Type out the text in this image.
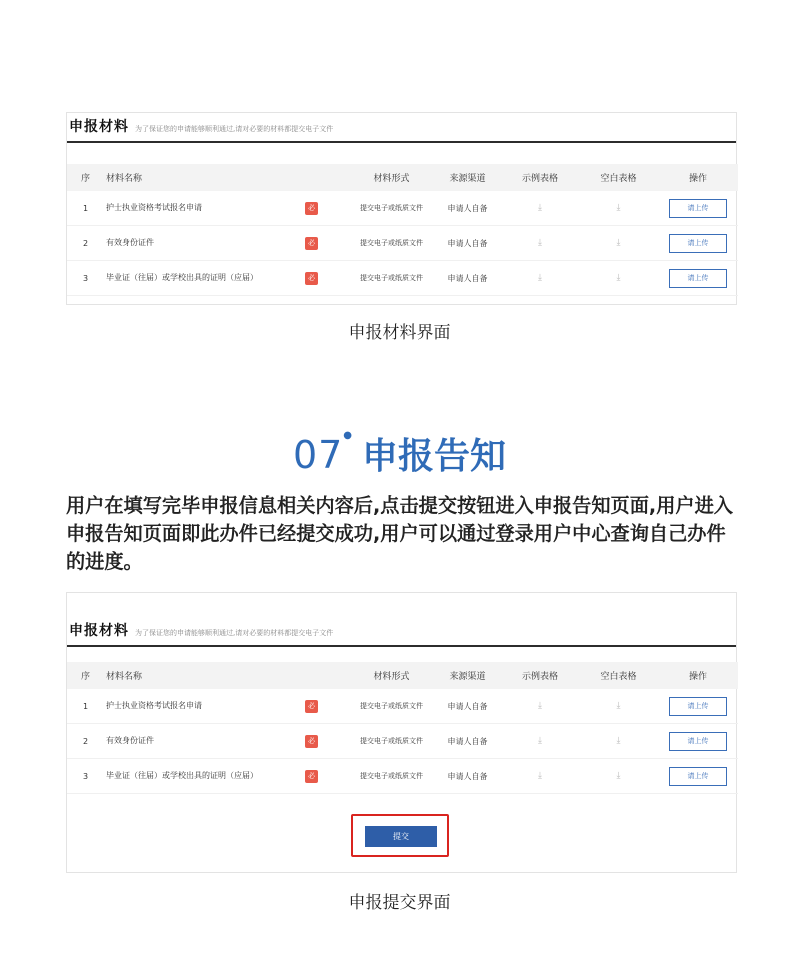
申报材料 为了保证您的申请能够顺利通过,请对必要的材料都提交电子文件
序	材料名称		材料形式	来源渠道	示例表格	空白表格	操作
1	护士执业资格考试报名申请	必	提交电子或纸质文件	申请人自备	⤓	⤓	请上传
2	有效身份证件	必	提交电子或纸质文件	申请人自备	⤓	⤓	请上传
3	毕业证（往届）或学校出具的证明（应届）	必	提交电子或纸质文件	申请人自备	⤓	⤓	请上传
申报材料界面
07●申报告知
用户在填写完毕申报信息相关内容后,点击提交按钮进入申报告知页面,用户进入申报告知页面即此办件已经提交成功,用户可以通过登录用户中心查询自己办件的进度。
申报材料 为了保证您的申请能够顺利通过,请对必要的材料都提交电子文件
序	材料名称		材料形式	来源渠道	示例表格	空白表格	操作
1	护士执业资格考试报名申请	必	提交电子或纸质文件	申请人自备	⤓	⤓	请上传
2	有效身份证件	必	提交电子或纸质文件	申请人自备	⤓	⤓	请上传
3	毕业证（往届）或学校出具的证明（应届）	必	提交电子或纸质文件	申请人自备	⤓	⤓	请上传
提交
申报提交界面
